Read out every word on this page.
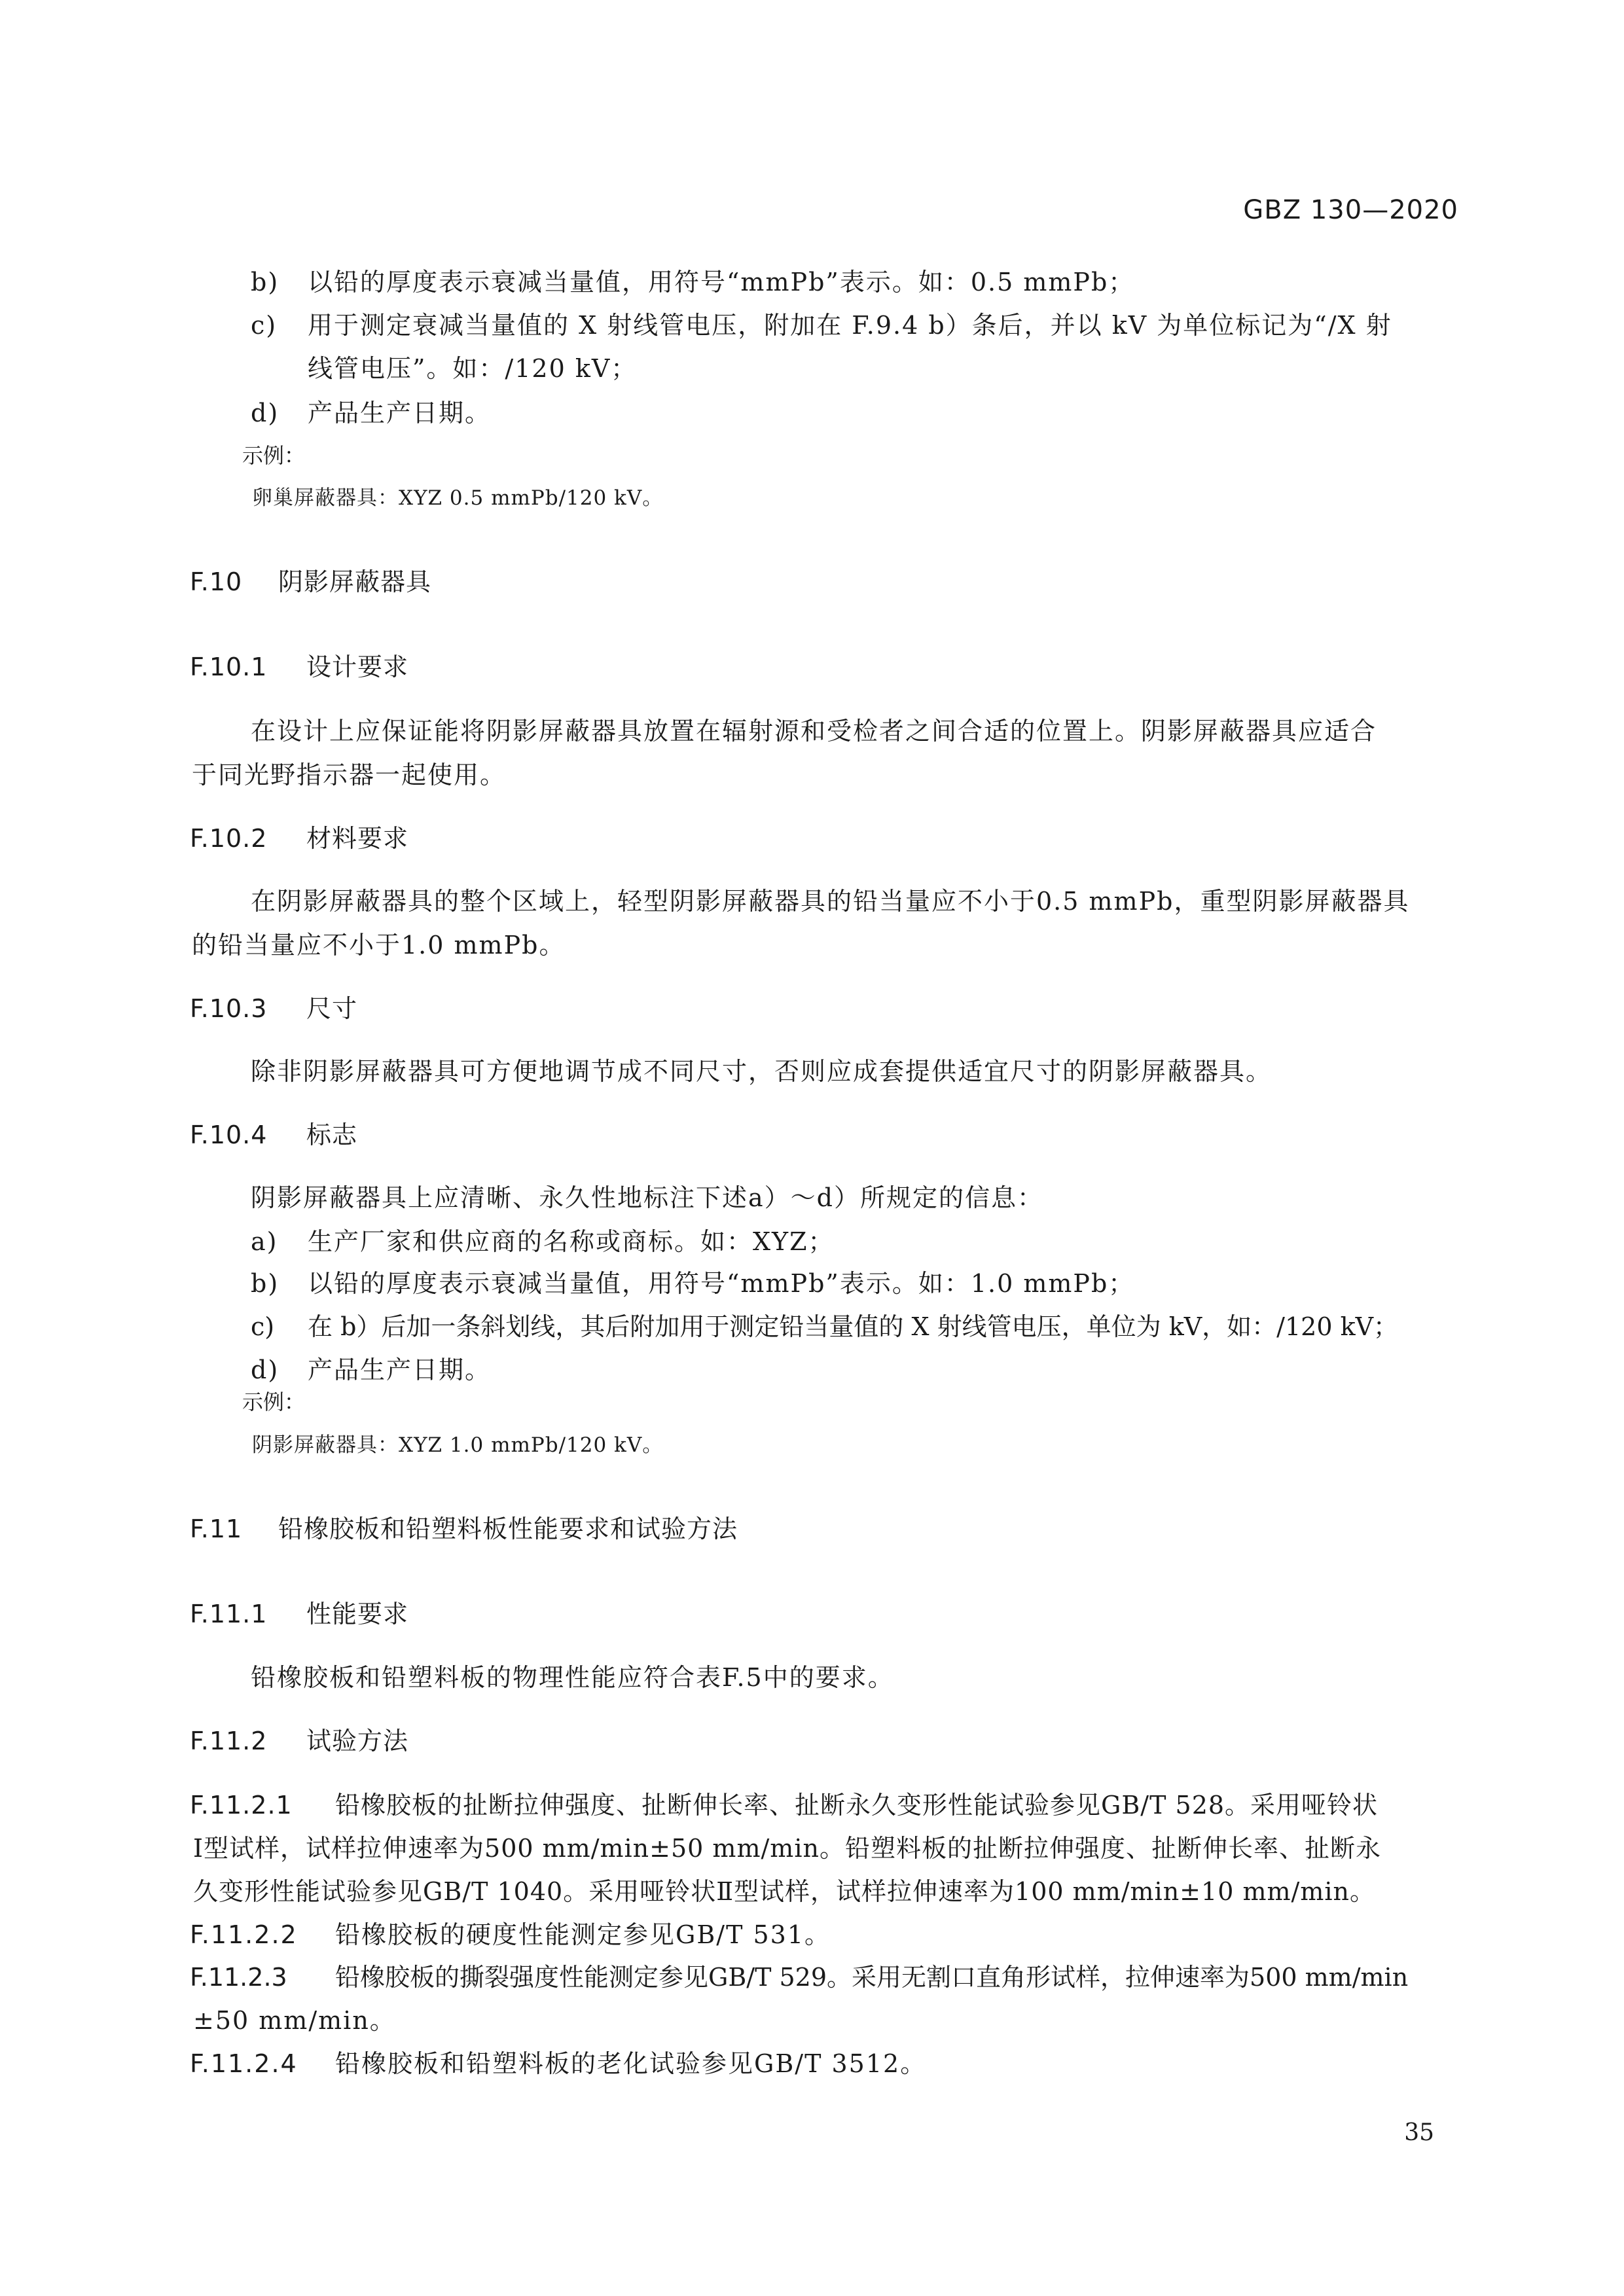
GBZ 130—2020
b) 以铅的厚度表示衰减当量值，用符号“mmPb”表示。如：0.5 mmPb；
c) 用于测定衰减当量值的 X 射线管电压，附加在 F.9.4 b）条后，并以 kV 为单位标记为“/X 射
线管电压”。如：/120 kV；
d) 产品生产日期。
示例：
卵巢屏蔽器具：XYZ 0.5 mmPb/120 kV。
F.10 阴影屏蔽器具
F.10.1 设计要求
在设计上应保证能将阴影屏蔽器具放置在辐射源和受检者之间合适的位置上。阴影屏蔽器具应适合
于同光野指示器一起使用。
F.10.2 材料要求
在阴影屏蔽器具的整个区域上，轻型阴影屏蔽器具的铅当量应不小于0.5 mmPb，重型阴影屏蔽器具
的铅当量应不小于1.0 mmPb。
F.10.3 尺寸
除非阴影屏蔽器具可方便地调节成不同尺寸，否则应成套提供适宜尺寸的阴影屏蔽器具。
F.10.4 标志
阴影屏蔽器具上应清晰、永久性地标注下述a）～d）所规定的信息：
a) 生产厂家和供应商的名称或商标。如：XYZ；
b) 以铅的厚度表示衰减当量值，用符号“mmPb”表示。如：1.0 mmPb；
c) 在 b）后加一条斜划线，其后附加用于测定铅当量值的 X 射线管电压，单位为 kV，如：/120 kV；
d) 产品生产日期。
示例：
阴影屏蔽器具：XYZ 1.0 mmPb/120 kV。
F.11 铅橡胶板和铅塑料板性能要求和试验方法
F.11.1 性能要求
铅橡胶板和铅塑料板的物理性能应符合表F.5中的要求。
F.11.2 试验方法
F.11.2.1 铅橡胶板的扯断拉伸强度、扯断伸长率、扯断永久变形性能试验参见GB/T 528。采用哑铃状
Ⅰ型试样，试样拉伸速率为500 mm/min±50 mm/min。铅塑料板的扯断拉伸强度、扯断伸长率、扯断永
久变形性能试验参见GB/T 1040。采用哑铃状Ⅱ型试样，试样拉伸速率为100 mm/min±10 mm/min。
F.11.2.2 铅橡胶板的硬度性能测定参见GB/T 531。
F.11.2.3 铅橡胶板的撕裂强度性能测定参见GB/T 529。采用无割口直角形试样，拉伸速率为500 mm/min
±50 mm/min。
F.11.2.4 铅橡胶板和铅塑料板的老化试验参见GB/T 3512。
35
